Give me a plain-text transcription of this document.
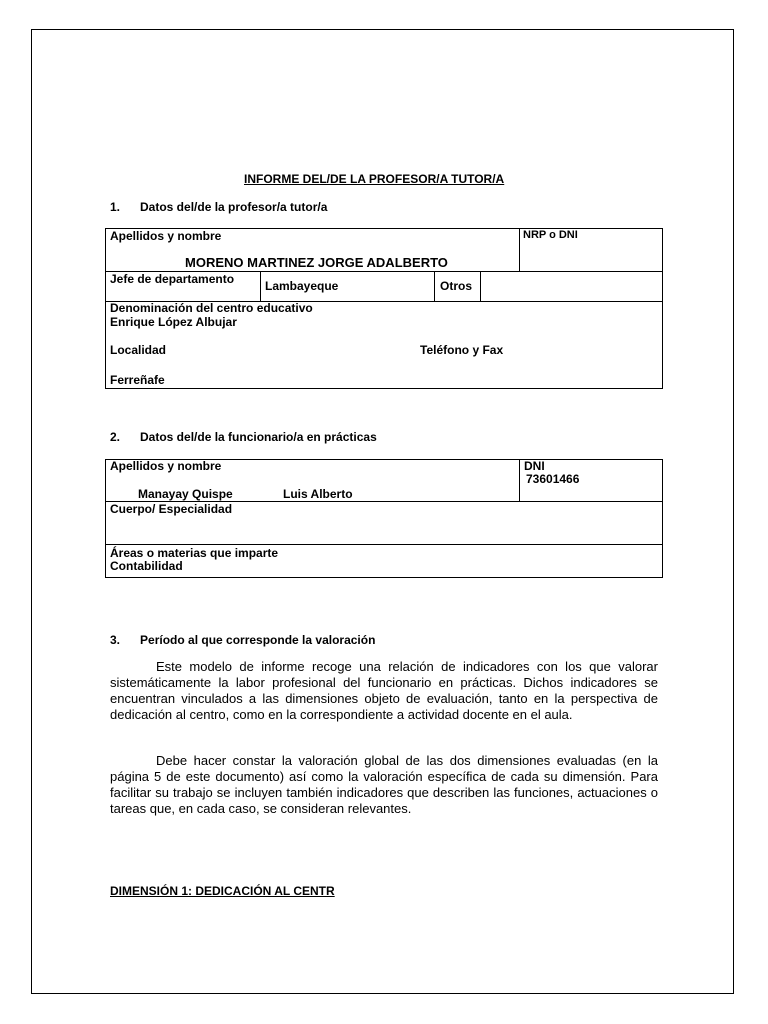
INFORME DEL/DE LA PROFESOR/A TUTOR/A
1.      Datos del/de la profesor/a tutor/a
Apellidos y nombre
MORENO MARTINEZ JORGE ADALBERTO
NRP o DNI
Jefe de departamento	Lambayeque	Otros
Denominación del centro educativo
Enrique López Albujar
Localidad	Teléfono y Fax
Ferreñafe
2.      Datos del/de la funcionario/a en prácticas
Apellidos y nombre
Manayay Quispe	Luis Alberto
DNI
73601466
Cuerpo/ Especialidad
Áreas o materias que imparte
Contabilidad
3.      Período al que corresponde la valoración
Este modelo de informe recoge una relación de indicadores con los que valorar sistemáticamente la labor profesional del funcionario en prácticas. Dichos indicadores se encuentran vinculados a las dimensiones objeto de evaluación, tanto en la perspectiva de dedicación al centro, como en la correspondiente a actividad docente en el aula.
Debe hacer constar la valoración global de las dos dimensiones evaluadas (en la página 5 de este documento) así como la valoración específica de cada su dimensión. Para facilitar su trabajo se incluyen también indicadores que describen las funciones, actuaciones o tareas que, en cada caso, se consideran relevantes.
DIMENSIÓN 1: DEDICACIÓN AL CENTR
